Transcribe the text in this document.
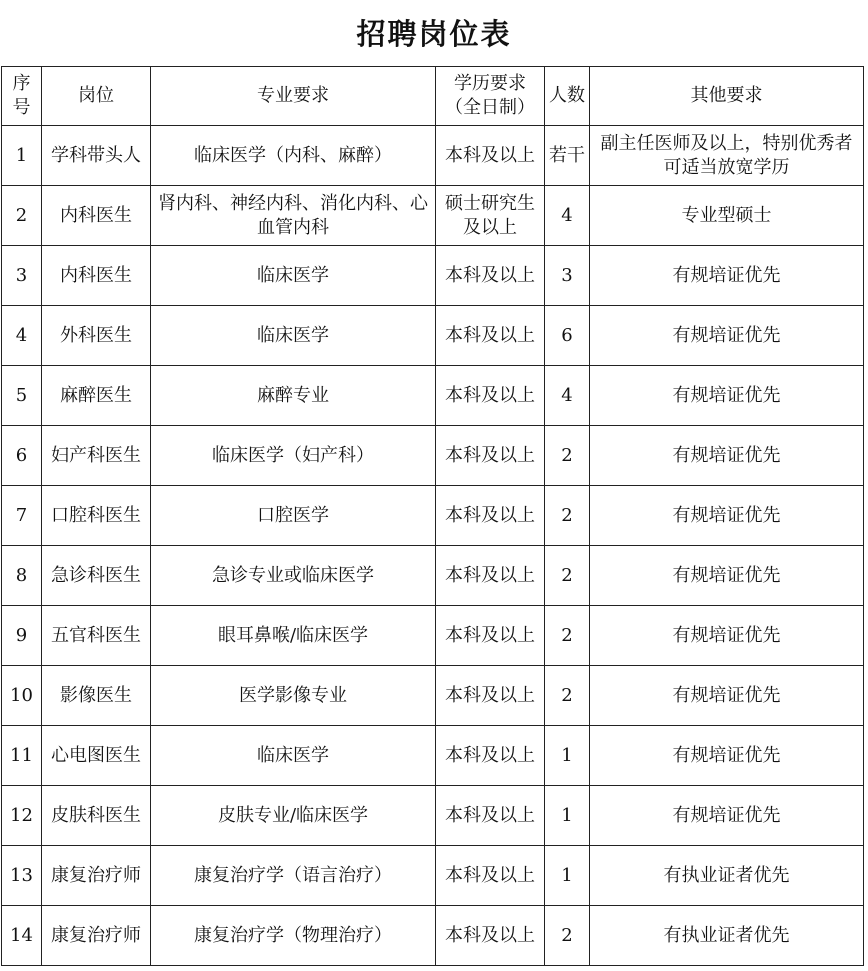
招聘岗位表
序号	岗位	专业要求	学历要求（全日制）	人数	其他要求
1	学科带头人	临床医学（内科、麻醉）	本科及以上	若干	副主任医师及以上，特别优秀者可适当放宽学历
2	内科医生	肾内科、神经内科、消化内科、心血管内科	硕士研究生及以上	4	专业型硕士
3	内科医生	临床医学	本科及以上	3	有规培证优先
4	外科医生	临床医学	本科及以上	6	有规培证优先
5	麻醉医生	麻醉专业	本科及以上	4	有规培证优先
6	妇产科医生	临床医学（妇产科）	本科及以上	2	有规培证优先
7	口腔科医生	口腔医学	本科及以上	2	有规培证优先
8	急诊科医生	急诊专业或临床医学	本科及以上	2	有规培证优先
9	五官科医生	眼耳鼻喉/临床医学	本科及以上	2	有规培证优先
10	影像医生	医学影像专业	本科及以上	2	有规培证优先
11	心电图医生	临床医学	本科及以上	1	有规培证优先
12	皮肤科医生	皮肤专业/临床医学	本科及以上	1	有规培证优先
13	康复治疗师	康复治疗学（语言治疗）	本科及以上	1	有执业证者优先
14	康复治疗师	康复治疗学（物理治疗）	本科及以上	2	有执业证者优先
